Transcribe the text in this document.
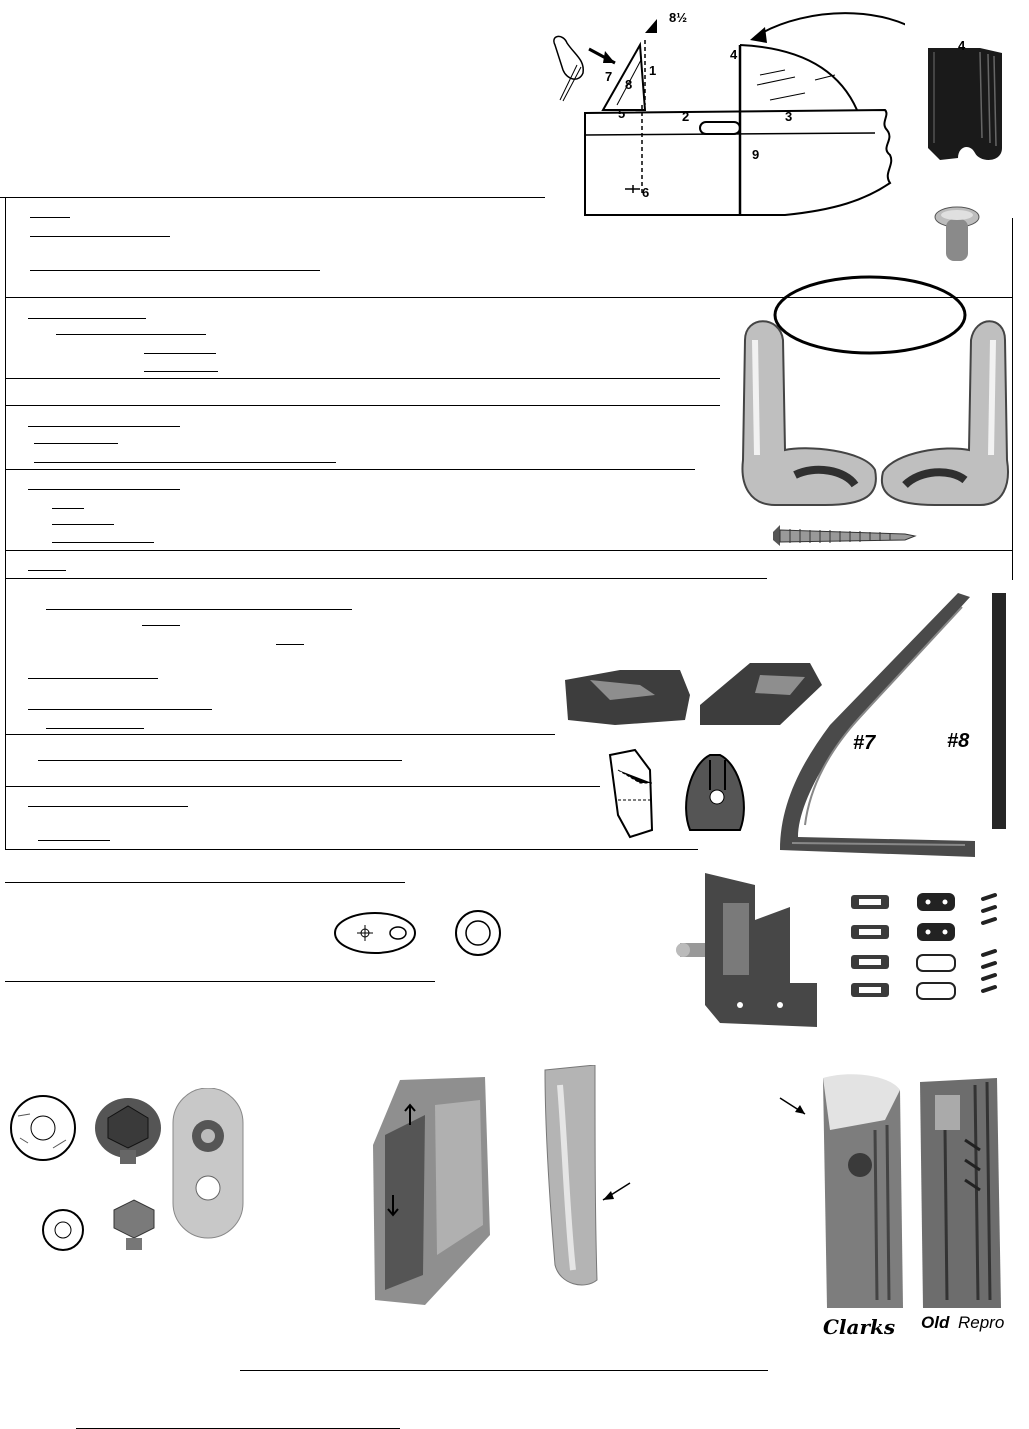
1
7
8
8½
5	2	3
4
9
6
4
#7	#8
Clarks Old Repro
